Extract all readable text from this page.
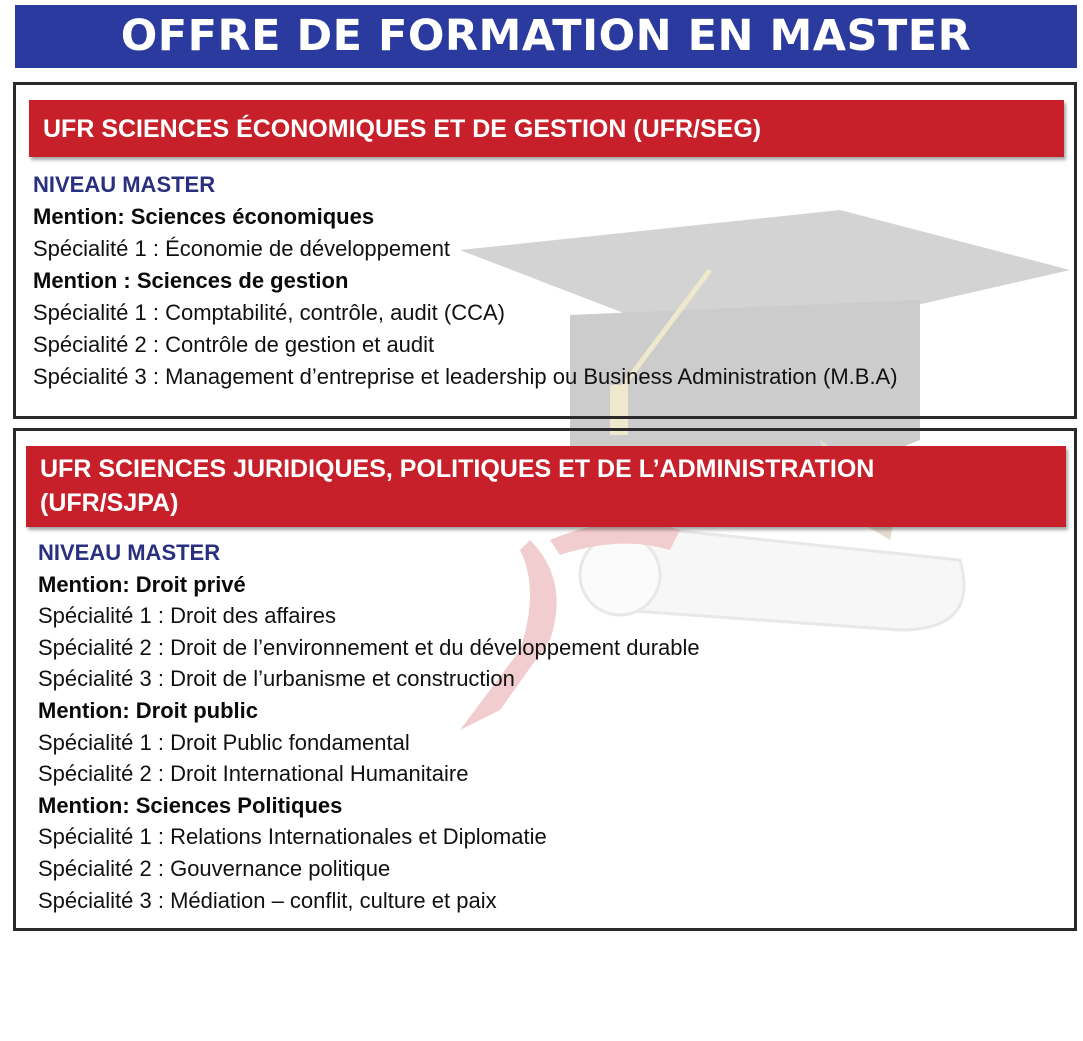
OFFRE DE FORMATION EN MASTER
UFR SCIENCES ÉCONOMIQUES ET DE GESTION (UFR/SEG)
NIVEAU MASTER
Mention: Sciences économiques
Spécialité 1 : Économie de développement
Mention : Sciences de gestion
Spécialité 1 : Comptabilité, contrôle, audit (CCA)
Spécialité 2 : Contrôle de gestion et audit
Spécialité 3 : Management d’entreprise et leadership ou Business Administration (M.B.A)
UFR SCIENCES JURIDIQUES, POLITIQUES ET DE L’ADMINISTRATION
(UFR/SJPA)
NIVEAU MASTER
Mention: Droit privé
Spécialité 1 : Droit des affaires
Spécialité 2 : Droit de l’environnement et du développement durable
Spécialité 3 : Droit de l’urbanisme et construction
Mention: Droit public
Spécialité 1 : Droit Public fondamental
Spécialité 2 : Droit International Humanitaire
Mention: Sciences Politiques
Spécialité 1 : Relations Internationales et Diplomatie
Spécialité 2 : Gouvernance politique
Spécialité 3 : Médiation – conflit, culture et paix
